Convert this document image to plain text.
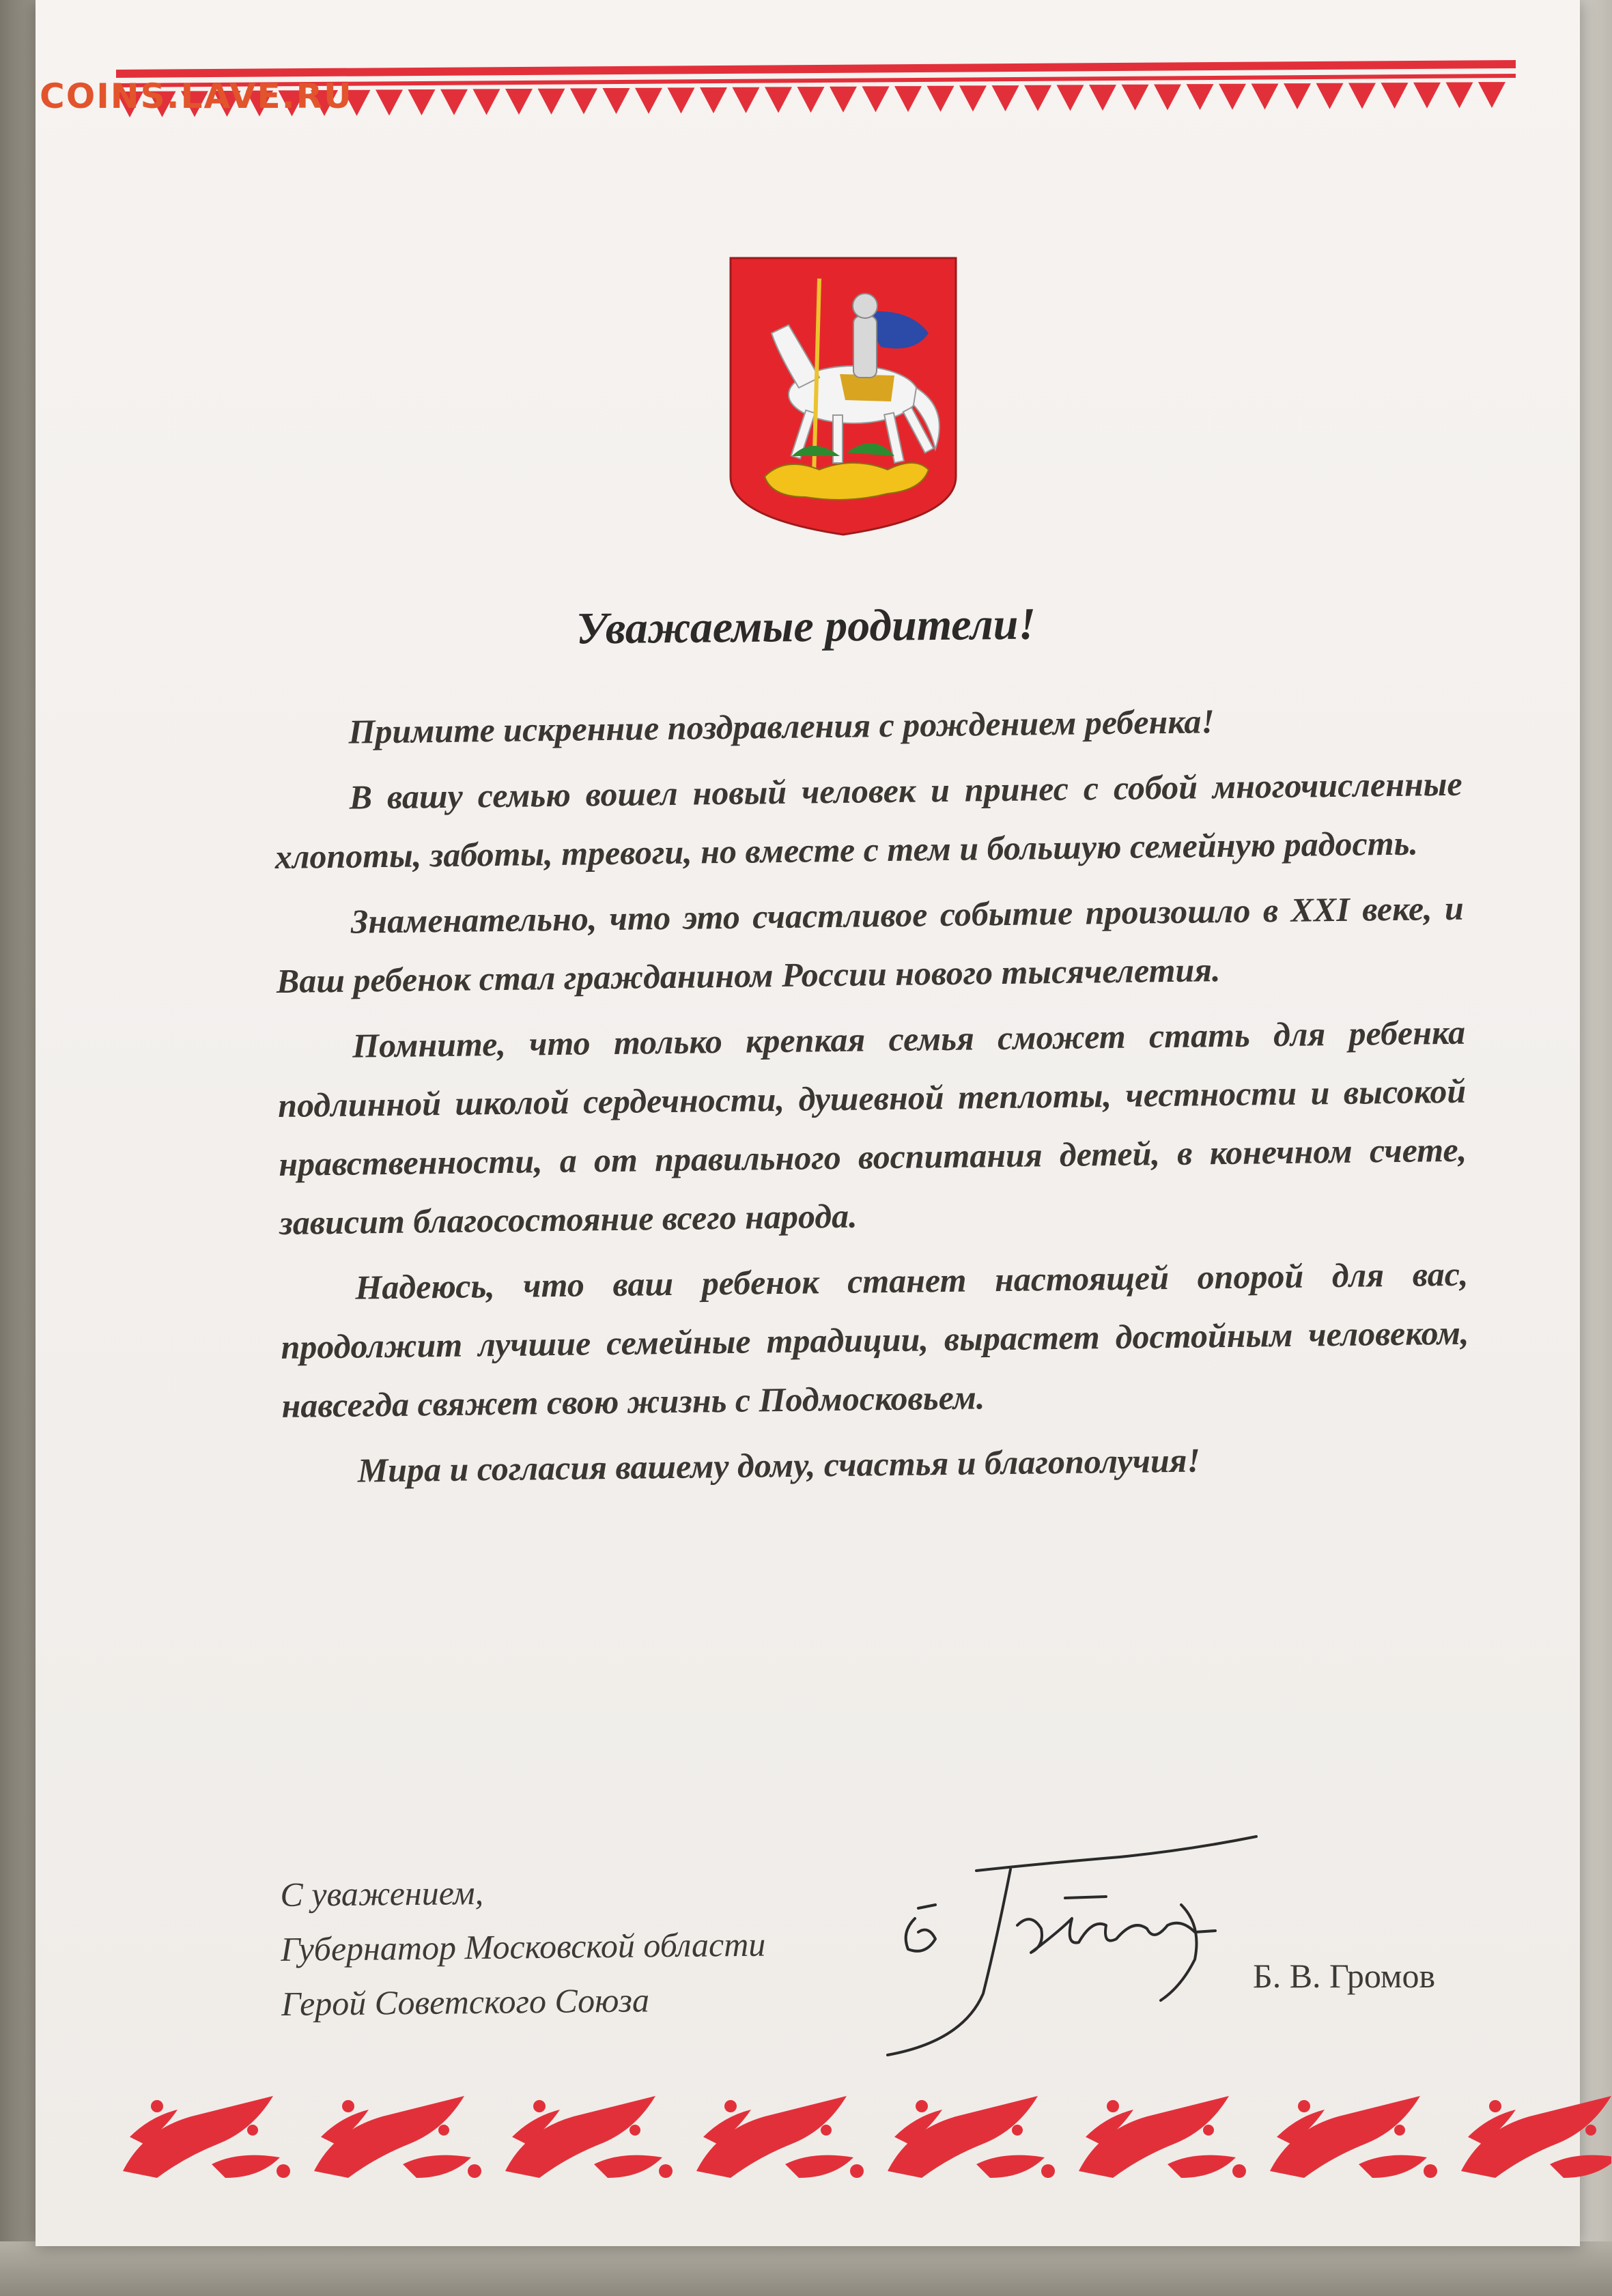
COINS.LAVE.RU
Уважаемые родители!

Примите искренние поздравления с рождением ребенка!

В вашу семью вошел новый человек и принес с собой многочисленные хлопоты, заботы, тревоги, но вместе с тем и большую семейную радость.

Знаменательно, что это счастливое событие произошло в XXI веке, и Ваш ребенок стал гражданином России нового тысячелетия.

Помните, что только крепкая семья сможет стать для ребенка подлинной школой сердечности, душевной теплоты, честности и высокой нравственности, а от правильного воспитания детей, в конечном счете, зависит благосостояние всего народа.

Надеюсь, что ваш ребенок станет настоящей опорой для вас, продолжит лучшие семейные традиции, вырастет достойным человеком, навсегда свяжет свою жизнь с Подмосковьем.

Мира и согласия вашему дому, счастья и благополучия!

С уважением,
Губернатор Московской области
Герой Советского Союза
Б. В. Громов
